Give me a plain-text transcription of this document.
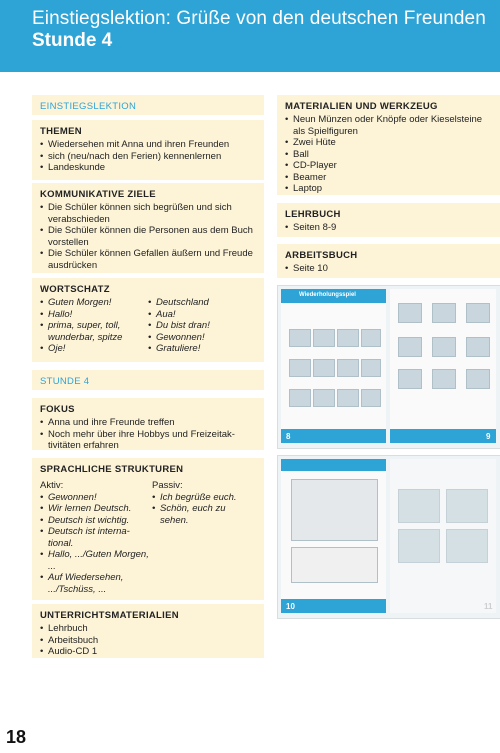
Einstiegslektion: Grüße von den deutschen Freunden
Stunde 4
EINSTIEGSLEKTION
THEMEN
• Wiedersehen mit Anna und ihren Freunden
• sich (neu/nach den Ferien) kennenlernen
• Landeskunde
KOMMUNIKATIVE ZIELE
• Die Schüler können sich begrüßen und sich verabschieden
• Die Schüler können die Personen aus dem Buch vorstellen
• Die Schüler können Gefallen äußern und Freude ausdrücken
WORTSCHATZ
• Guten Morgen!
• Hallo!
• prima, super, toll, wunderbar, spitze
• Oje!
• Deutschland
• Aua!
• Du bist dran!
• Gewonnen!
• Gratuliere!
STUNDE 4
FOKUS
• Anna und ihre Freunde treffen
• Noch mehr über ihre Hobbys und Freizeitak-tivitäten erfahren
SPRACHLICHE STRUKTUREN
Aktiv:
• Gewonnen!
• Wir lernen Deutsch.
• Deutsch ist wichtig.
• Deutsch ist interna-tional.
• Hallo, .../Guten Morgen, ...
• Auf Wiedersehen, .../Tschüss, ...
Passiv:
• Ich begrüße euch.
• Schön, euch zu sehen.
UNTERRICHTSMATERIALIEN
• Lehrbuch
• Arbeitsbuch
• Audio-CD 1
MATERIALIEN UND WERKZEUG
• Neun Münzen oder Knöpfe oder Kieselsteine als Spielfiguren
• Zwei Hüte
• Ball
• CD-Player
• Beamer
• Laptop
LEHRBUCH
• Seiten 8-9
ARBEITSBUCH
• Seite 10
Wiederholungsspiel
8	9
10	11
18
